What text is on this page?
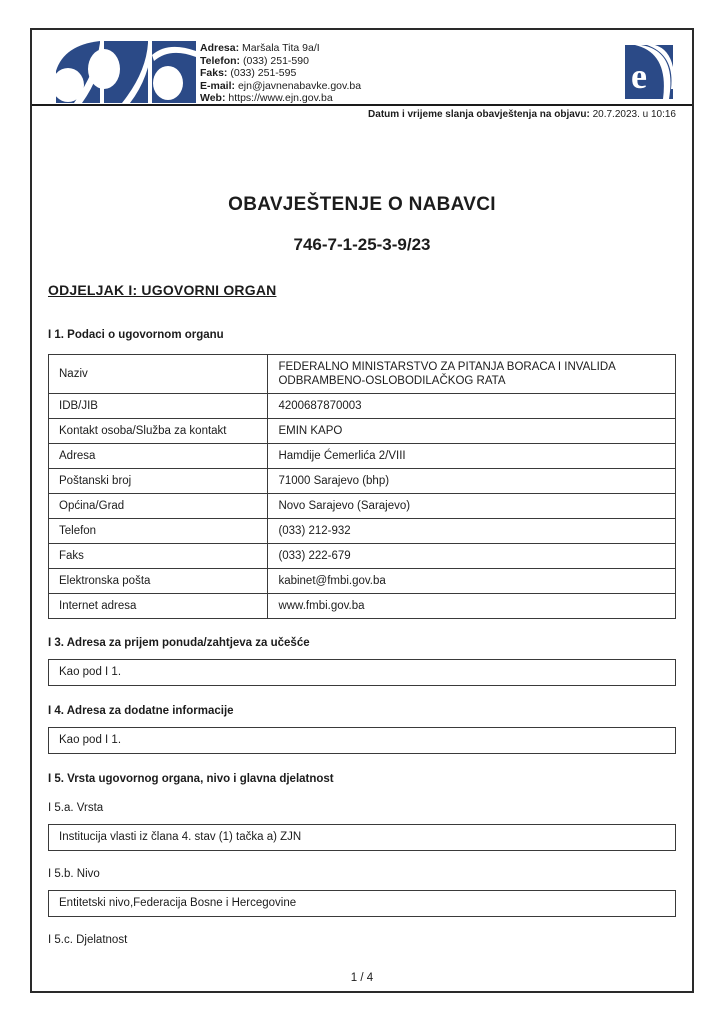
Adresa: Maršala Tita 9a/I
Telefon: (033) 251-590
Faks: (033) 251-595
E-mail: ejn@javnenabavke.gov.ba
Web: https://www.ejn.gov.ba
e
Datum i vrijeme slanja obavještenja na objavu: 20.7.2023. u 10:16
OBAVJEŠTENJE O NABAVCI
746-7-1-25-3-9/23
ODJELJAK I: UGOVORNI ORGAN
I 1. Podaci o ugovornom organu
Naziv	FEDERALNO MINISTARSTVO ZA PITANJA BORACA I INVALIDA ODBRAMBENO-OSLOBODILAČKOG RATA
IDB/JIB	4200687870003
Kontakt osoba/Služba za kontakt	EMIN KAPO
Adresa	Hamdije Ćemerlića 2/VIII
Poštanski broj	71000 Sarajevo (bhp)
Općina/Grad	Novo Sarajevo (Sarajevo)
Telefon	(033) 212-932
Faks	(033) 222-679
Elektronska pošta	kabinet@fmbi.gov.ba
Internet adresa	www.fmbi.gov.ba
I 3. Adresa za prijem ponuda/zahtjeva za učešće
Kao pod I 1.
I 4. Adresa za dodatne informacije
Kao pod I 1.
I 5. Vrsta ugovornog organa, nivo i glavna djelatnost
I 5.a. Vrsta
Institucija vlasti iz člana 4. stav (1) tačka a) ZJN
I 5.b. Nivo
Entitetski nivo,Federacija Bosne i Hercegovine
I 5.c. Djelatnost
1 / 4
